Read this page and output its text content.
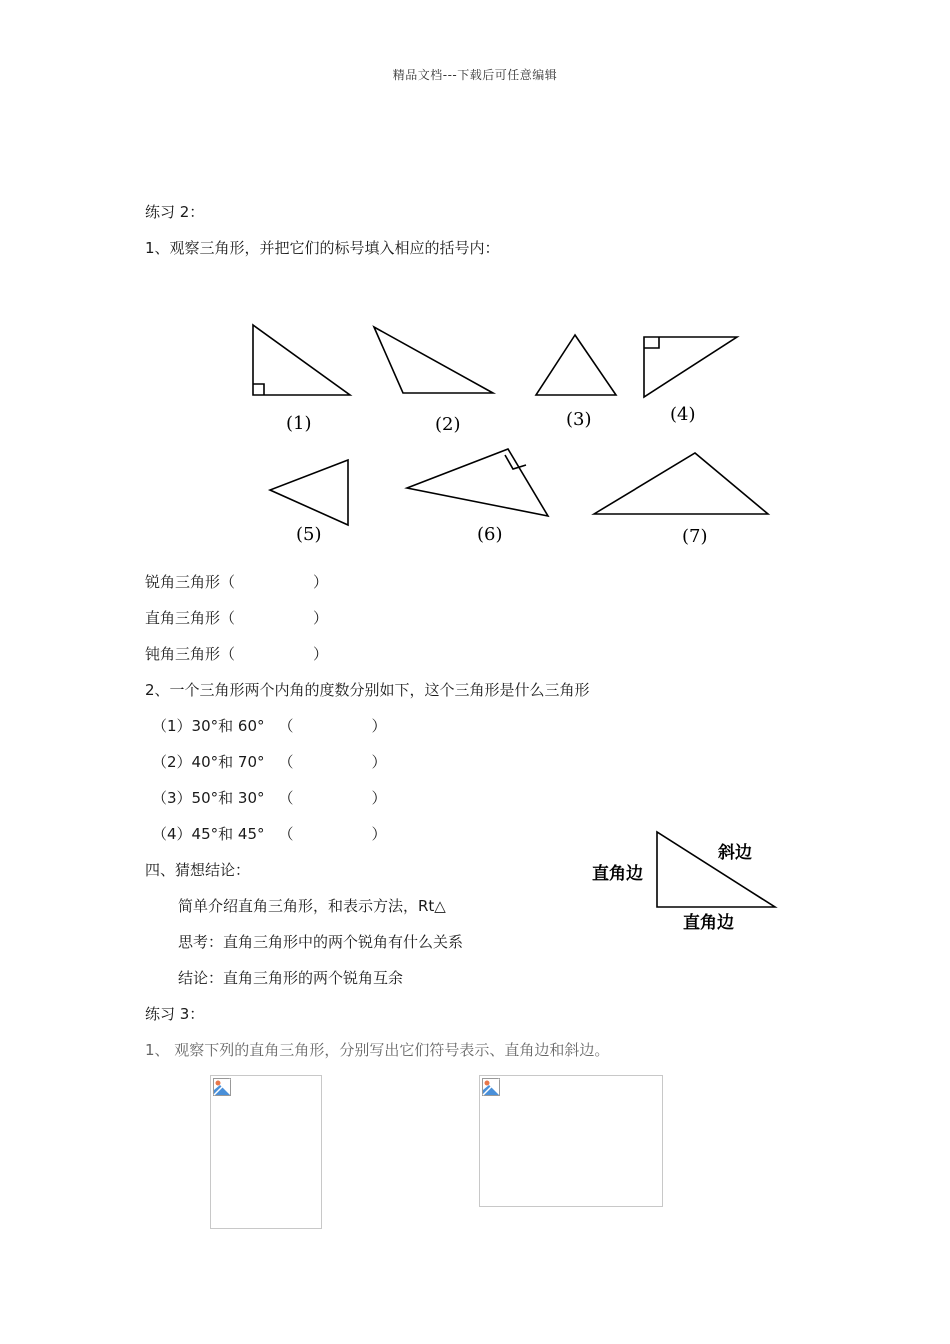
精品文档---下载后可任意编辑
练习 2：
1、观察三角形，并把它们的标号填入相应的括号内：
(1)	(2)	(3)	(4)
(5)	(6)	(7)
锐角三角形（	）
直角三角形（	）
钝角三角形（	）
2、一个三角形两个内角的度数分别如下，这个三角形是什么三角形
（1）30°和 60° （	）
（2）40°和 70° （	）
（3）50°和 30° （	）
（4）45°和 45° （	）
四、猜想结论：
简单介绍直角三角形，和表示方法，Rt△
思考：直角三角形中的两个锐角有什么关系
结论：直角三角形的两个锐角互余
直角边
斜边
直角边
练习 3：
1、 观察下列的直角三角形，分别写出它们符号表示、直角边和斜边。
